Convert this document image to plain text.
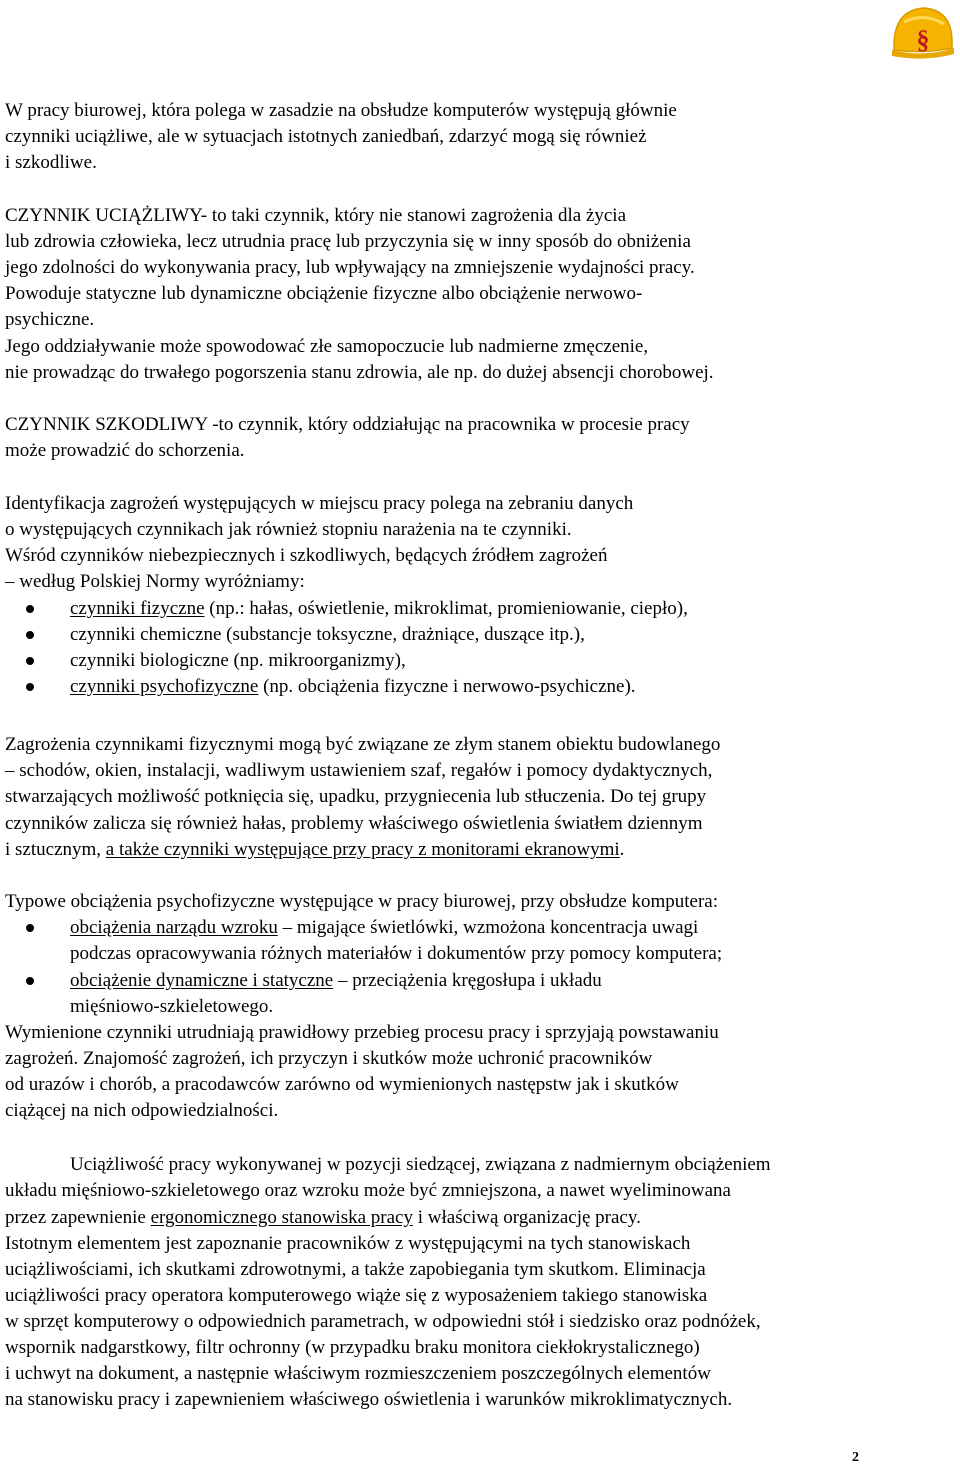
§
W pracy biurowej, która polega w zasadzie na obsłudze komputerów występują głównie
czynniki uciążliwe, ale w sytuacjach istotnych zaniedbań, zdarzyć mogą się również
i szkodliwe.
CZYNNIK UCIĄŻLIWY- to taki czynnik, który nie stanowi zagrożenia dla życia
lub zdrowia człowieka, lecz utrudnia pracę lub przyczynia się w inny sposób do obniżenia
jego zdolności do wykonywania pracy, lub wpływający na zmniejszenie wydajności pracy.
Powoduje statyczne lub dynamiczne obciążenie fizyczne albo obciążenie nerwowo-
psychiczne.
Jego oddziaływanie może spowodować złe samopoczucie lub nadmierne zmęczenie,
nie prowadząc do trwałego pogorszenia stanu zdrowia, ale np. do dużej absencji chorobowej.
CZYNNIK SZKODLIWY -to czynnik, który oddziałując na pracownika w procesie pracy
może prowadzić do schorzenia.
Identyfikacja zagrożeń występujących w miejscu pracy polega na zebraniu danych
o występujących czynnikach jak również stopniu narażenia na te czynniki.
Wśród czynników niebezpiecznych i szkodliwych, będących źródłem zagrożeń
– według Polskiej Normy wyróżniamy:
czynniki fizyczne (np.: hałas, oświetlenie, mikroklimat, promieniowanie, ciepło),
czynniki chemiczne (substancje toksyczne, drażniące, duszące itp.),
czynniki biologiczne (np. mikroorganizmy),
czynniki psychofizyczne (np. obciążenia fizyczne i nerwowo-psychiczne).
Zagrożenia czynnikami fizycznymi mogą być związane ze złym stanem obiektu budowlanego
– schodów, okien, instalacji, wadliwym ustawieniem szaf, regałów i pomocy dydaktycznych,
stwarzających możliwość potknięcia się, upadku, przygniecenia lub stłuczenia. Do tej grupy
czynników zalicza się również hałas, problemy właściwego oświetlenia światłem dziennym
i sztucznym, a także czynniki występujące przy pracy z monitorami ekranowymi.
Typowe obciążenia psychofizyczne występujące w pracy biurowej, przy obsłudze komputera:
obciążenia narządu wzroku – migające świetlówki, wzmożona koncentracja uwagi
podczas opracowywania różnych materiałów i dokumentów przy pomocy komputera;
obciążenie dynamiczne i statyczne – przeciążenia kręgosłupa i układu
mięśniowo-szkieletowego.
Wymienione czynniki utrudniają prawidłowy przebieg procesu pracy i sprzyjają powstawaniu
zagrożeń. Znajomość zagrożeń, ich przyczyn i skutków może uchronić pracowników
od urazów i chorób, a pracodawców zarówno od wymienionych następstw jak i skutków
ciążącej na nich odpowiedzialności.
Uciążliwość pracy wykonywanej w pozycji siedzącej, związana z nadmiernym obciążeniem
układu mięśniowo-szkieletowego oraz wzroku może być zmniejszona, a nawet wyeliminowana
przez zapewnienie ergonomicznego stanowiska pracy i właściwą organizację pracy.
Istotnym elementem jest zapoznanie pracowników z występującymi na tych stanowiskach
uciążliwościami, ich skutkami zdrowotnymi, a także zapobiegania tym skutkom. Eliminacja
uciążliwości pracy operatora komputerowego wiąże się z wyposażeniem takiego stanowiska
w sprzęt komputerowy o odpowiednich parametrach, w odpowiedni stół i siedzisko oraz podnóżek,
wspornik nadgarstkowy, filtr ochronny (w przypadku braku monitora ciekłokrystalicznego)
i uchwyt na dokument, a następnie właściwym rozmieszczeniem poszczególnych elementów
na stanowisku pracy i zapewnieniem właściwego oświetlenia i warunków mikroklimatycznych.
2
